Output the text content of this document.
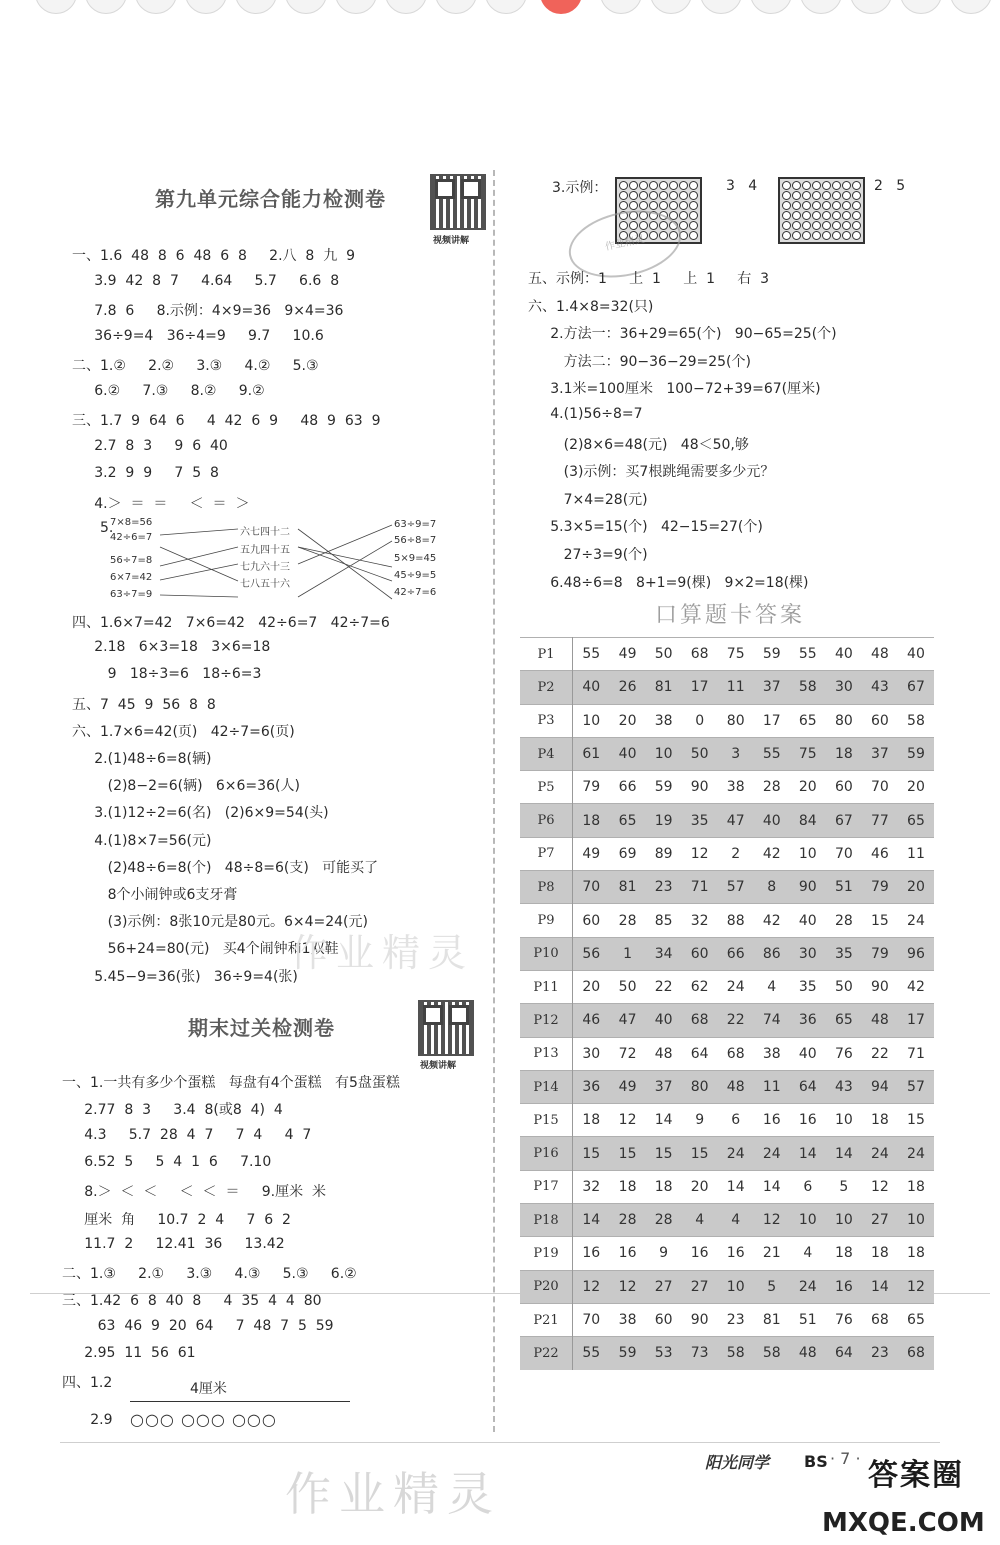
第九单元综合能力检测卷
视频讲解
一、1.6  48  8  6  48  6  8     2.八  8  九  9
3.9  42  8  7     4.64     5.7     6.6  8
7.8  6     8.示例：4×9=36   9×4=36
36÷9=4   36÷4=9     9.7     10.6
二、1.②     2.②     3.③     4.②     5.③
6.②     7.③     8.②     9.②
三、1.7  9  64  6     4  42  6  9     48  9  63  9
2.7  8  3     9  6  40
3.2  9  9     7  5  8
4.＞  ＝  ＝     ＜  ＝  ＞
5.
7×8=56
42÷6=7
56÷7=8
6×7=42
63÷7=9
六七四十二
五九四十五
七九六十三
七八五十六
63÷9=7
56÷8=7
5×9=45
45÷9=5
42÷7=6
四、1.6×7=42   7×6=42   42÷6=7   42÷7=6
2.18   6×3=18   3×6=18
9   18÷3=6   18÷6=3
五、7  45  9  56  8  8
六、1.7×6=42(页)   42÷7=6(页)
2.(1)48÷6=8(辆)
(2)8−2=6(辆)   6×6=36(人)
3.(1)12÷2=6(名)   (2)6×9=54(头)
4.(1)8×7=56(元)
(2)48÷6=8(个)   48÷8=6(支)   可能买了
8个小闹钟或6支牙膏
(3)示例：8张10元是80元。6×4=24(元)
56+24=80(元)   买4个闹钟和1双鞋
5.45−9=36(张)   36÷9=4(张)
期末过关检测卷
视频讲解
一、1.一共有多少个蛋糕   每盘有4个蛋糕   有5盘蛋糕
2.77  8  3     3.4  8(或8  4)  4
4.3     5.7  28  4  7     7  4     4  7
6.52  5     5  4  1  6     7.10
8.＞  ＜  ＜     ＜  ＜  ＝     9.厘米  米
厘米  角     10.7  2  4     7  6  2
11.7  2     12.41  36     13.42
二、1.③     2.①     3.③     4.③     5.③     6.②
三、1.42  6  8  40  8     4  35  4  4  80
63  46  9  20  64     7  48  7  5  59
2.95  11  56  61
四、1.2	4厘米
2.9 ○○○ ○○○ ○○○
3.示例：	3   4	2   5
作业精灵
五、示例：1     上  1     上  1     右  3
六、1.4×8=32(只)
2.方法一：36+29=65(个)   90−65=25(个)
方法二：90−36−29=25(个)
3.1米=100厘米   100−72+39=67(厘米)
4.(1)56÷8=7
(2)8×6=48(元)   48＜50,够
(3)示例：买7根跳绳需要多少元？
7×4=28(元)
5.3×5=15(个)   42−15=27(个)
27÷3=9(个)
6.48÷6=8   8+1=9(棵)   9×2=18(棵)
口算题卡答案
P1	55	49	50	68	75	59	55	40	48	40
P2	40	26	81	17	11	37	58	30	43	67
P3	10	20	38	0	80	17	65	80	60	58
P4	61	40	10	50	3	55	75	18	37	59
P5	79	66	59	90	38	28	20	60	70	20
P6	18	65	19	35	47	40	84	67	77	65
P7	49	69	89	12	2	42	10	70	46	11
P8	70	81	23	71	57	8	90	51	79	20
P9	60	28	85	32	88	42	40	28	15	24
P10	56	1	34	60	66	86	30	35	79	96
P11	20	50	22	62	24	4	35	50	90	42
P12	46	47	40	68	22	74	36	65	48	17
P13	30	72	48	64	68	38	40	76	22	71
P14	36	49	37	80	48	11	64	43	94	57
P15	18	12	14	9	6	16	16	10	18	15
P16	15	15	15	15	24	24	14	14	24	24
P17	32	18	18	20	14	14	6	5	12	18
P18	14	28	28	4	4	12	10	10	27	10
P19	16	16	9	16	16	21	4	18	18	18
P20	12	12	27	27	10	5	24	16	14	12
P21	70	38	60	90	23	81	51	76	68	65
P22	55	59	53	73	58	58	48	64	23	68
作业精灵
作业精灵
阳光同学 BS · 7 · 答案圈
MXQE.COM
